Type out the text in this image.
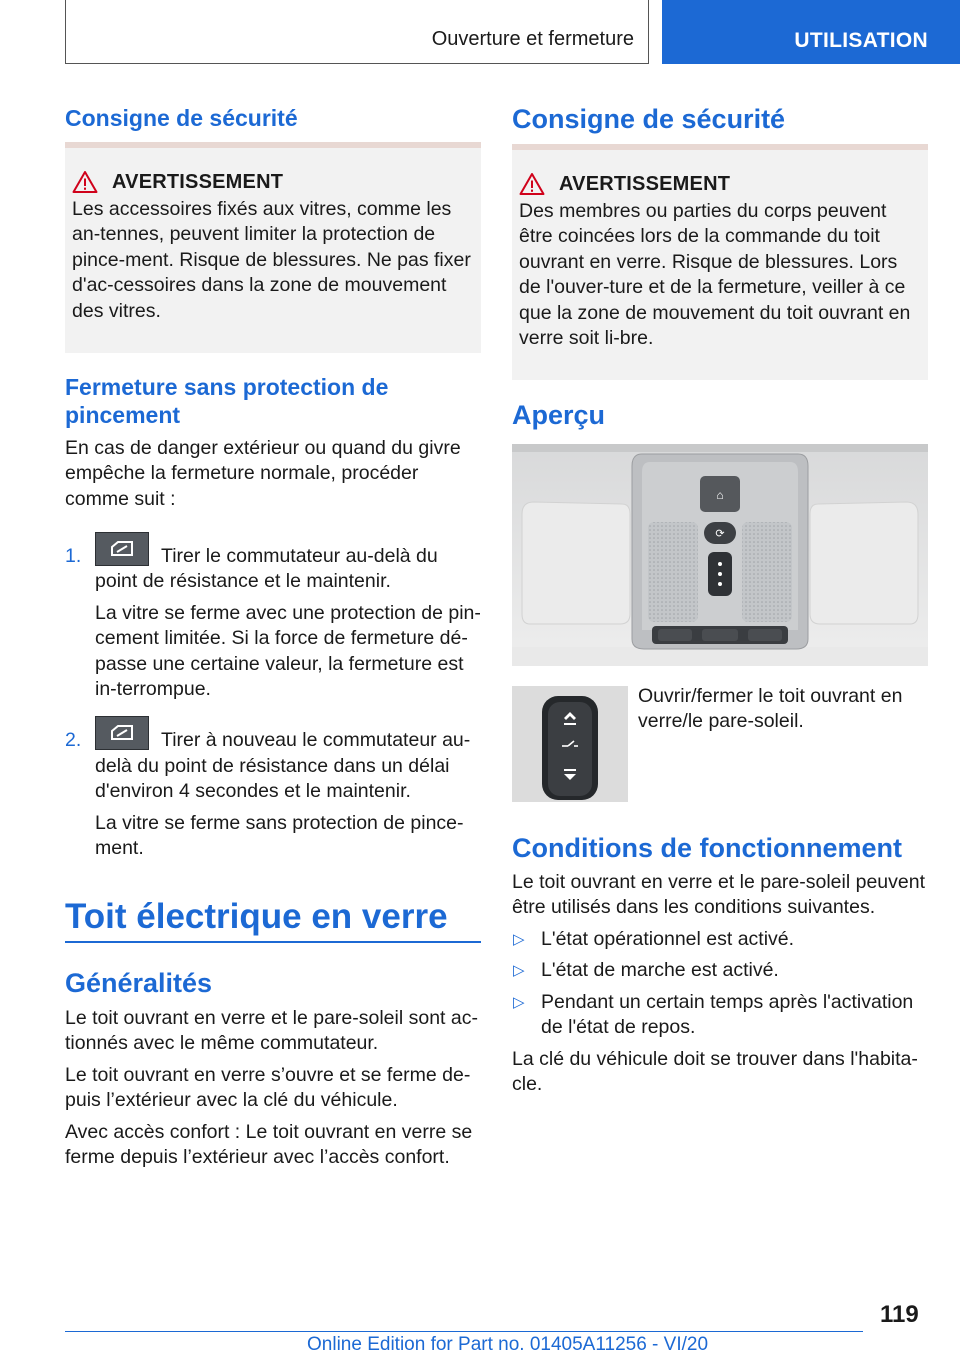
Ouverture et fermeture	UTILISATION
Consigne de sécurité
AVERTISSEMENT

Les accessoires fixés aux vitres, comme les an-tennes, peuvent limiter la protection de pince-ment. Risque de blessures. Ne pas fixer d'ac-cessoires dans la zone de mouvement des vitres.

Fermeture sans protection de pincement

En cas de danger extérieur ou quand du givre empêche la fermeture normale, procéder comme suit :

1.	Tirer le commutateur au-delà du point de résistance et le maintenir.

La vitre se ferme avec une protection de pin-cement limitée. Si la force de fermeture dé-passe une certaine valeur, la fermeture est in-terrompue.

2.	Tirer à nouveau le commutateur au-delà du point de résistance dans un délai d'environ 4 secondes et le maintenir.

La vitre se ferme sans protection de pince-ment.

Toit électrique en verre
Généralités

Le toit ouvrant en verre et le pare-soleil sont ac-tionnés avec le même commutateur.

Le toit ouvrant en verre s’ouvre et se ferme de-puis l’extérieur avec la clé du véhicule.

Avec accès confort : Le toit ouvrant en verre se ferme depuis l’extérieur avec l’accès confort.

Consigne de sécurité
AVERTISSEMENT

Des membres ou parties du corps peuvent être coincées lors de la commande du toit ouvrant en verre. Risque de blessures. Lors de l'ouver-ture et de la fermeture, veiller à ce que la zone de mouvement du toit ouvrant en verre soit li-bre.

Aperçu

Ouvrir/fermer le toit ouvrant en verre/le pare-soleil.

Conditions de fonctionnement

Le toit ouvrant en verre et le pare-soleil peuvent être utilisés dans les conditions suivantes.

▷ L'état opérationnel est activé.
▷ L'état de marche est activé.
▷ Pendant un certain temps après l'activation de l'état de repos.

La clé du véhicule doit se trouver dans l'habita-cle.

⌂
⟳
119
Online Edition for Part no. 01405A11256 - VI/20
